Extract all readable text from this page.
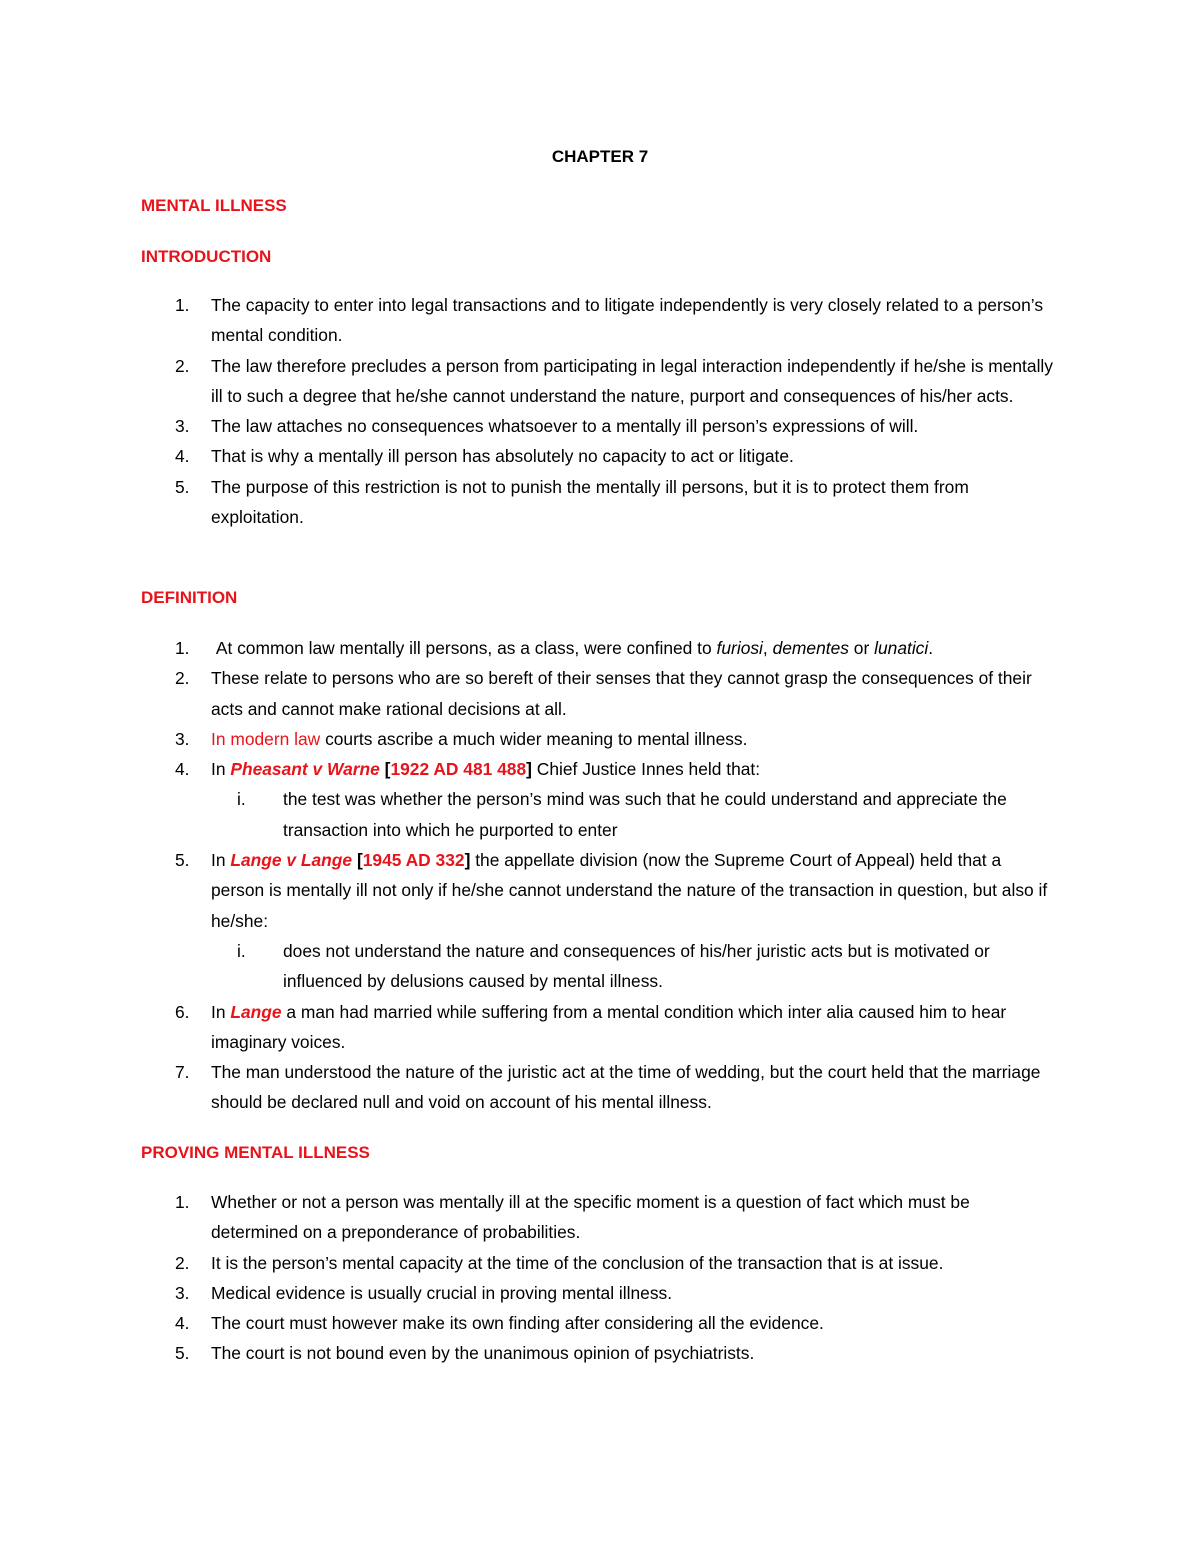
CHAPTER 7
MENTAL ILLNESS
INTRODUCTION
1. The capacity to enter into legal transactions and to litigate independently is very closely related to a person’s mental condition.
2. The law therefore precludes a person from participating in legal interaction independently if he/she is mentally ill to such a degree that he/she cannot understand the nature, purport and consequences of his/her acts.
3. The law attaches no consequences whatsoever to a mentally ill person’s expressions of will.
4. That is why a mentally ill person has absolutely no capacity to act or litigate.
5. The purpose of this restriction is not to punish the mentally ill persons, but it is to protect them from exploitation.
DEFINITION
1. At common law mentally ill persons, as a class, were confined to furiosi, dementes or lunatici.
2. These relate to persons who are so bereft of their senses that they cannot grasp the consequences of their acts and cannot make rational decisions at all.
3. In modern law courts ascribe a much wider meaning to mental illness.
4. In Pheasant v Warne [1922 AD 481 488] Chief Justice Innes held that:
i. the test was whether the person’s mind was such that he could understand and appreciate the transaction into which he purported to enter
5. In Lange v Lange [1945 AD 332] the appellate division (now the Supreme Court of Appeal) held that a person is mentally ill not only if he/she cannot understand the nature of the transaction in question, but also if he/she:
i. does not understand the nature and consequences of his/her juristic acts but is motivated or influenced by delusions caused by mental illness.
6. In Lange a man had married while suffering from a mental condition which inter alia caused him to hear imaginary voices.
7. The man understood the nature of the juristic act at the time of wedding, but the court held that the marriage should be declared null and void on account of his mental illness.
PROVING MENTAL ILLNESS
1. Whether or not a person was mentally ill at the specific moment is a question of fact which must be determined on a preponderance of probabilities.
2. It is the person’s mental capacity at the time of the conclusion of the transaction that is at issue.
3. Medical evidence is usually crucial in proving mental illness.
4. The court must however make its own finding after considering all the evidence.
5. The court is not bound even by the unanimous opinion of psychiatrists.
